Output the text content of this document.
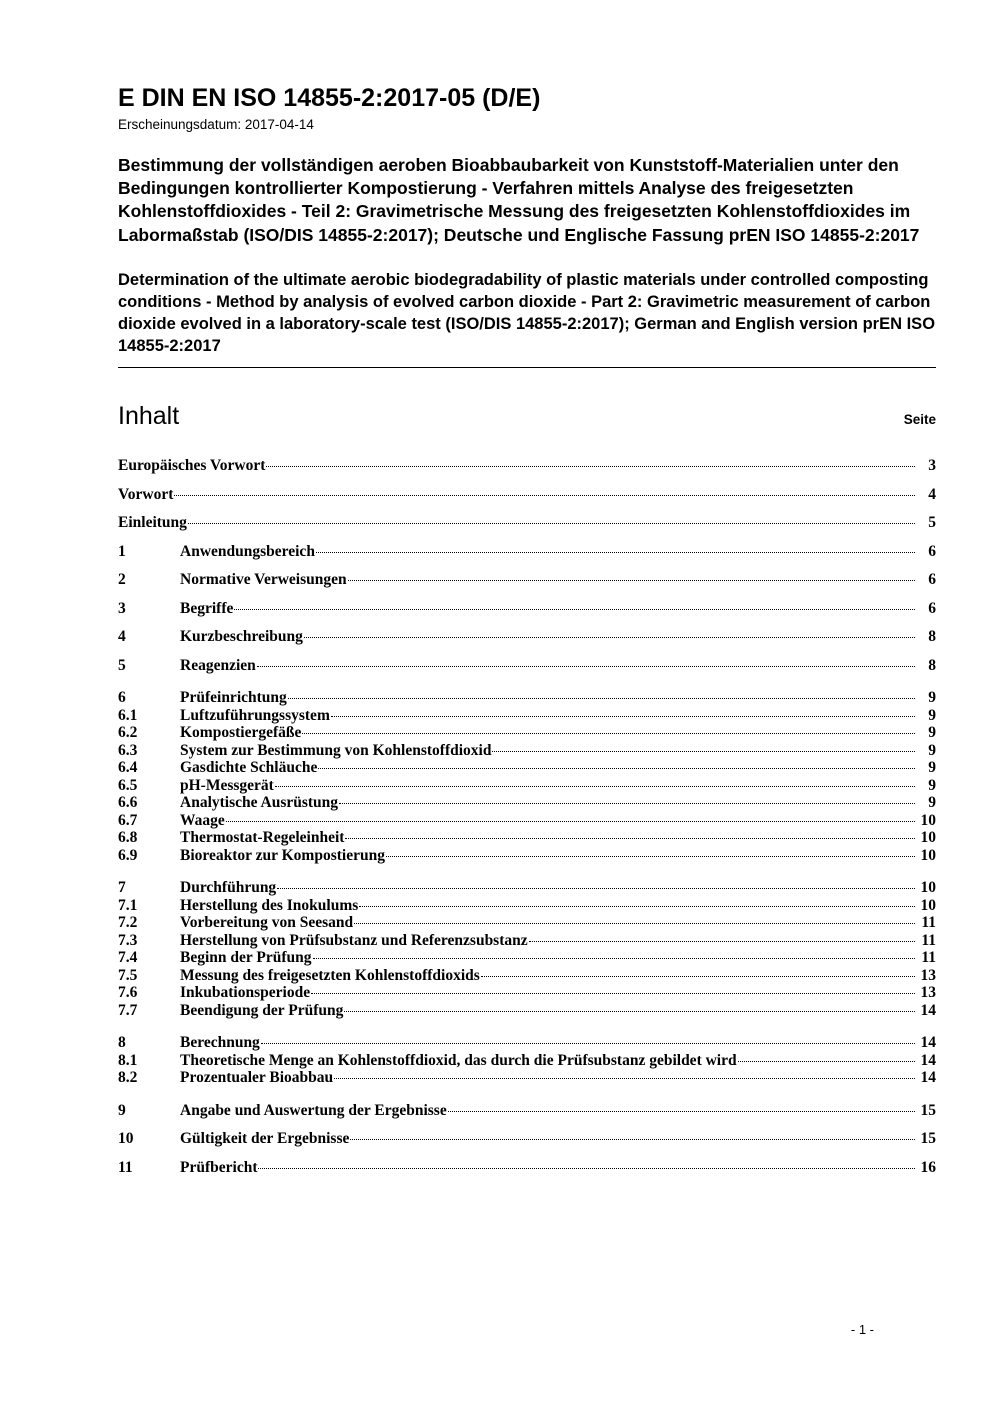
E DIN EN ISO 14855-2:2017-05 (D/E)
Erscheinungsdatum: 2017-04-14
Bestimmung der vollständigen aeroben Bioabbaubarkeit von Kunststoff-Materialien unter den Bedingungen kontrollierter Kompostierung - Verfahren mittels Analyse des freigesetzten Kohlenstoffdioxides - Teil 2: Gravimetrische Messung des freigesetzten Kohlenstoffdioxides im Labormaßstab (ISO/DIS 14855-2:2017); Deutsche und Englische Fassung prEN ISO 14855-2:2017
Determination of the ultimate aerobic biodegradability of plastic materials under controlled composting conditions - Method by analysis of evolved carbon dioxide - Part 2: Gravimetric measurement of carbon dioxide evolved in a laboratory-scale test (ISO/DIS 14855-2:2017); German and English version prEN ISO 14855-2:2017
Inhalt	Seite
Europäisches Vorwort	3
Vorwort	4
Einleitung	5
1	Anwendungsbereich	6
2	Normative Verweisungen	6
3	Begriffe	6
4	Kurzbeschreibung	8
5	Reagenzien	8
6	Prüfeinrichtung	9
6.1	Luftzuführungssystem	9
6.2	Kompostiergefäße	9
6.3	System zur Bestimmung von Kohlenstoffdioxid	9
6.4	Gasdichte Schläuche	9
6.5	pH-Messgerät	9
6.6	Analytische Ausrüstung	9
6.7	Waage	10
6.8	Thermostat-Regeleinheit	10
6.9	Bioreaktor zur Kompostierung	10
7	Durchführung	10
7.1	Herstellung des Inokulums	10
7.2	Vorbereitung von Seesand	11
7.3	Herstellung von Prüfsubstanz und Referenzsubstanz	11
7.4	Beginn der Prüfung	11
7.5	Messung des freigesetzten Kohlenstoffdioxids	13
7.6	Inkubationsperiode	13
7.7	Beendigung der Prüfung	14
8	Berechnung	14
8.1	Theoretische Menge an Kohlenstoffdioxid, das durch die Prüfsubstanz gebildet wird	14
8.2	Prozentualer Bioabbau	14
9	Angabe und Auswertung der Ergebnisse	15
10	Gültigkeit der Ergebnisse	15
11	Prüfbericht	16
- 1 -
